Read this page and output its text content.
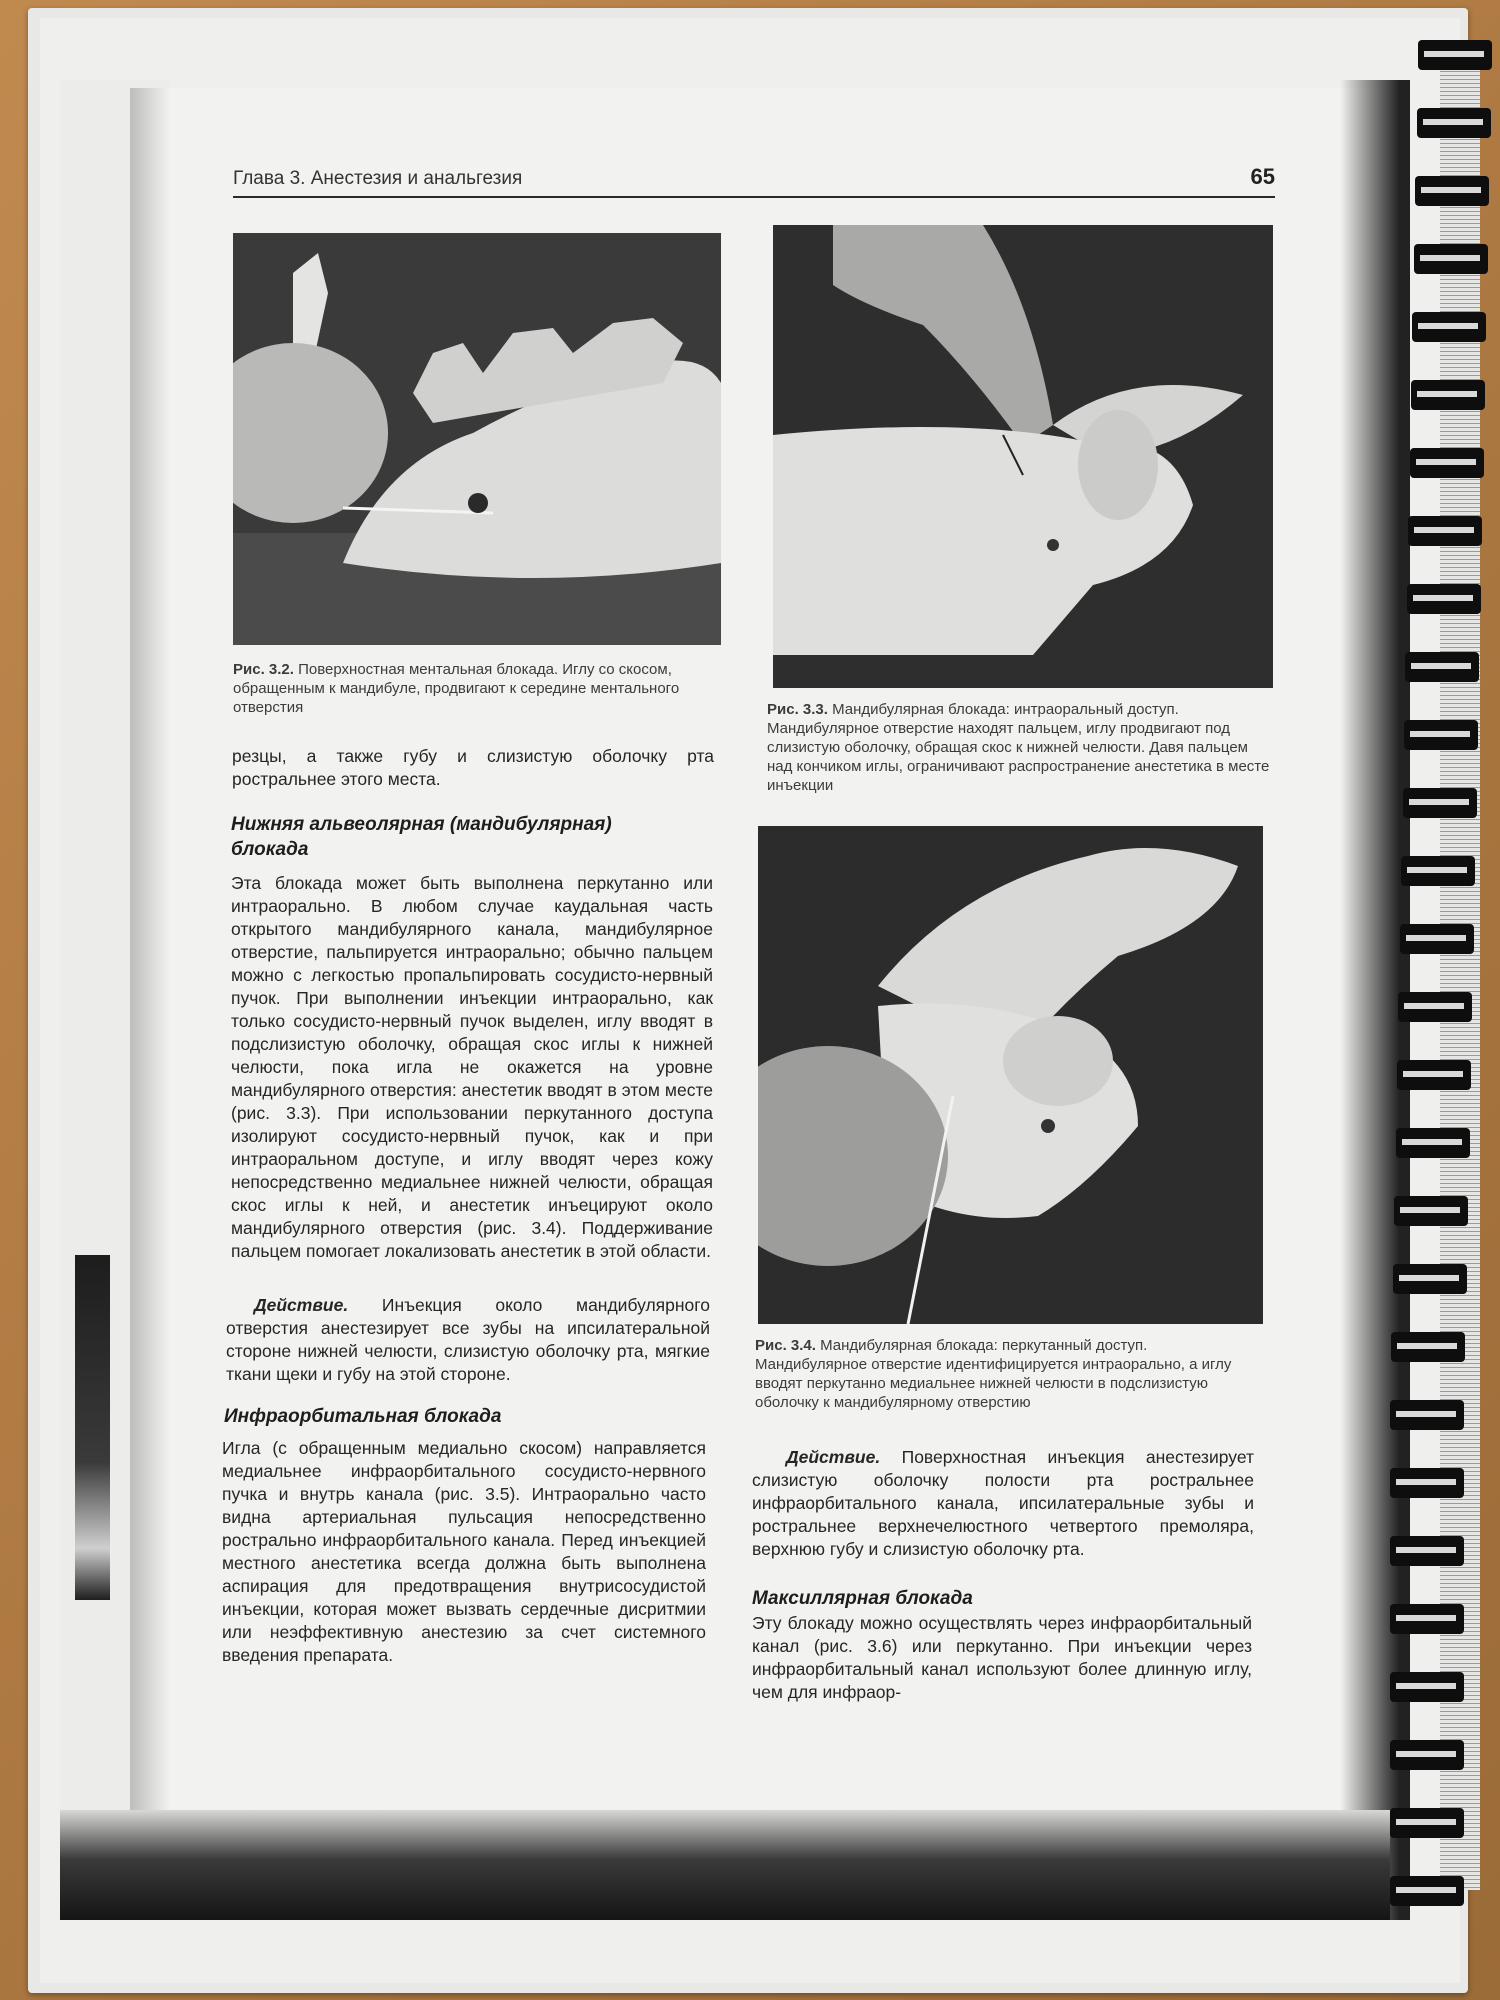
Глава 3. Анестезия и анальгезия	65
Рис. 3.2. Поверхностная ментальная блокада. Иглу со скосом, обращенным к мандибуле, продвигают к середине ментального отверстия	Рис. 3.3. Мандибулярная блокада: интраоральный доступ. Мандибулярное отверстие находят пальцем, иглу продвигают под слизистую оболочку, обращая скос к нижней челюсти. Давя пальцем над кончиком иглы, ограничивают распространение анестетика в месте инъекции
Рис. 3.4. Мандибулярная блокада: перкутанный доступ. Мандибулярное отверстие идентифицируется интраорально, а иглу вводят перкутанно медиальнее нижней челюсти в подслизистую оболочку к мандибулярному отверстию
резцы, а также губу и слизистую оболочку рта ростральнее этого места.
Нижняя альвеолярная (мандибулярная) блокада
Эта блокада может быть выполнена перкутанно или интраорально. В любом случае каудальная часть открытого мандибулярного канала, мандибулярное отверстие, пальпируется интраорально; обычно пальцем можно с легкостью пропальпировать сосудисто-нервный пучок. При выполнении инъекции интраорально, как только сосудисто-нервный пучок выделен, иглу вводят в подслизистую оболочку, обращая скос иглы к нижней челюсти, пока игла не окажется на уровне мандибулярного отверстия: анестетик вводят в этом месте (рис. 3.3). При использовании перкутанного доступа изолируют сосудисто-нервный пучок, как и при интраоральном доступе, и иглу вводят через кожу непосредственно медиальнее нижней челюсти, обращая скос иглы к ней, и анестетик инъецируют около мандибулярного отверстия (рис. 3.4). Поддерживание пальцем помогает локализовать анестетик в этой области.
Действие. Инъекция около мандибулярного отверстия анестезирует все зубы на ипсилатеральной стороне нижней челюсти, слизистую оболочку рта, мягкие ткани щеки и губу на этой стороне.
Инфраорбитальная блокада
Игла (с обращенным медиально скосом) направляется медиальнее инфраорбитального сосудисто-нервного пучка и внутрь канала (рис. 3.5). Интраорально часто видна артериальная пульсация непосредственно рострально инфраорбитального канала. Перед инъекцией местного анестетика всегда должна быть выполнена аспирация для предотвращения внутрисосудистой инъекции, которая может вызвать сердечные дисритмии или неэффективную анестезию за счет системного введения препарата.
Действие. Поверхностная инъекция анестезирует слизистую оболочку полости рта ростральнее инфраорбитального канала, ипсилатеральные зубы и ростральнее верхнечелюстного четвертого премоляра, верхнюю губу и слизистую оболочку рта.
Максиллярная блокада
Эту блокаду можно осуществлять через инфраорбитальный канал (рис. 3.6) или перкутанно. При инъекции через инфраорбитальный канал используют более длинную иглу, чем для инфраор-
